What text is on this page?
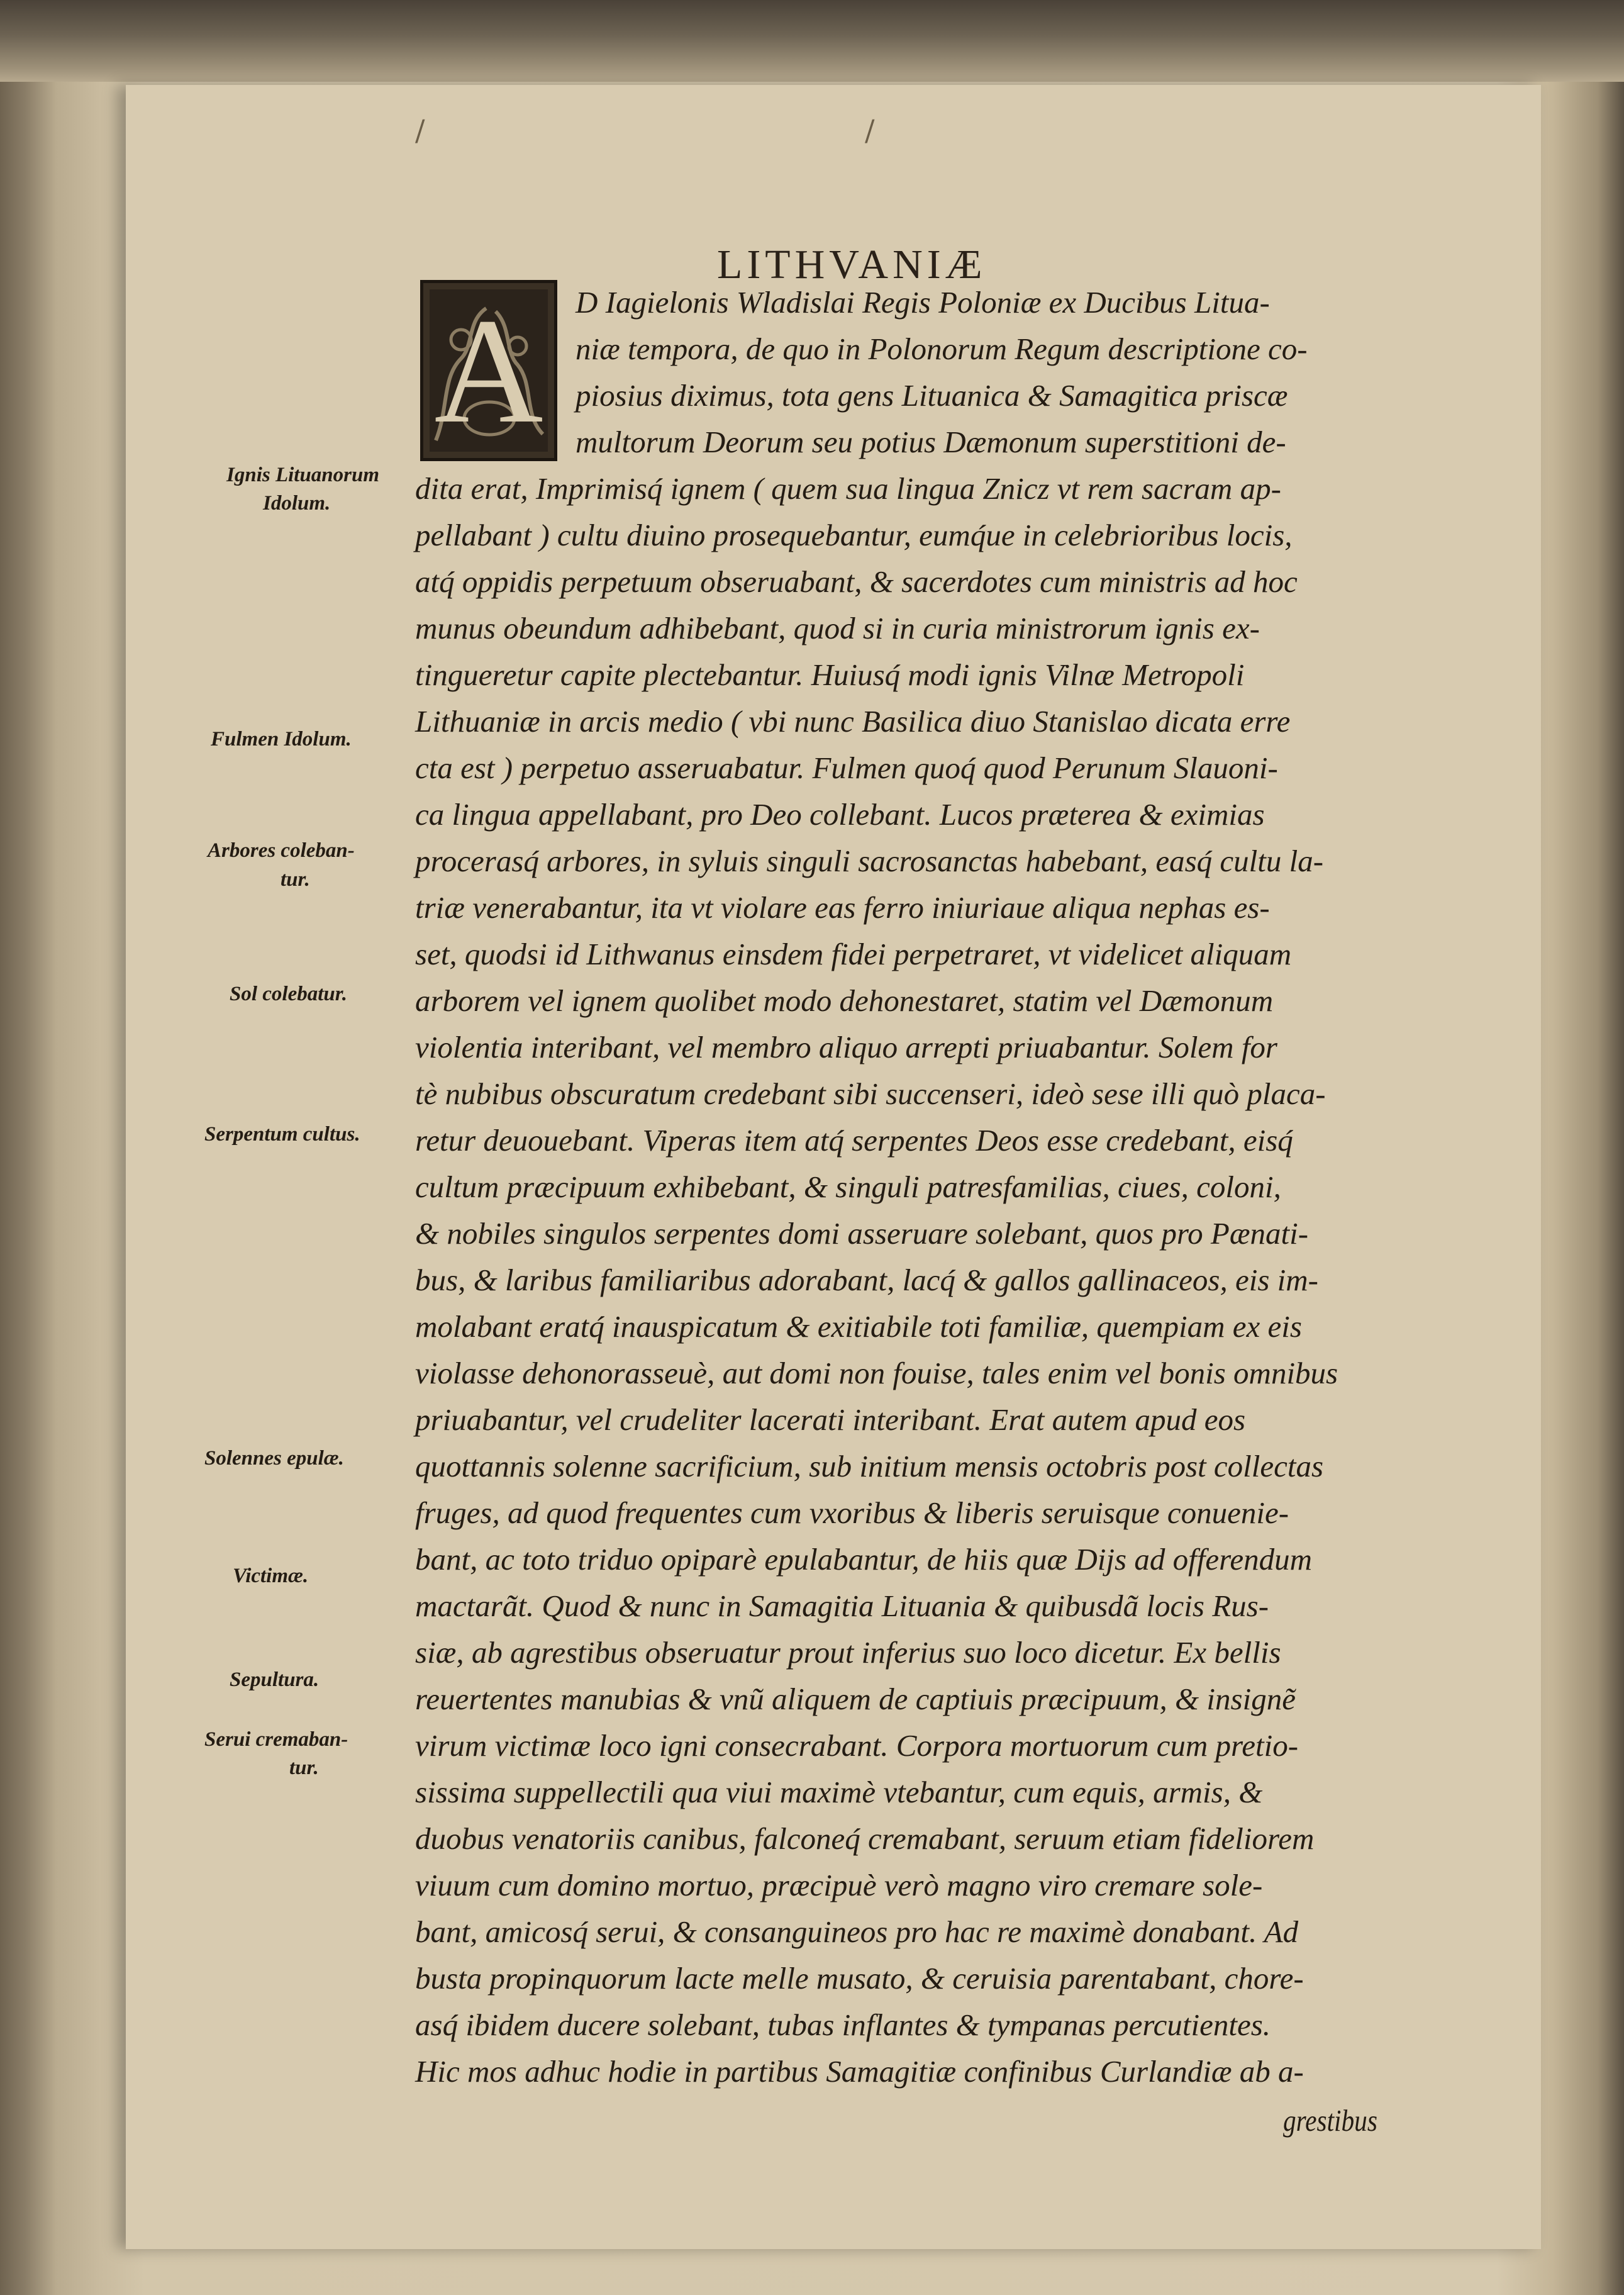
/	/
LITHVANIÆ
A D Iagielonis Wladislai Regis Poloniæ ex Ducibus Litua-
niæ tempora, de quo in Polonorum Regum descriptione co-
piosius diximus, tota gens Lituanica & Samagitica priscæ
multorum Deorum seu potius Dæmonum superstitioni de-
dita erat, Imprimisq́ ignem ( quem sua lingua Znicz vt rem sacram ap-
pellabant ) cultu diuino prosequebantur, eumq́ue in celebrioribus locis,
atq́ oppidis perpetuum obseruabant, & sacerdotes cum ministris ad hoc
munus obeundum adhibebant, quod si in curia ministrorum ignis ex-
tingueretur capite plectebantur. Huiusq́ modi ignis Vilnæ Metropoli
Lithuaniæ in arcis medio ( vbi nunc Basilica diuo Stanislao dicata erre
cta est ) perpetuo asseruabatur. Fulmen quoq́ quod Perunum Slauoni-
ca lingua appellabant, pro Deo collebant. Lucos præterea & eximias
procerasq́ arbores, in syluis singuli sacrosanctas habebant, easq́ cultu la-
triæ venerabantur, ita vt violare eas ferro iniuriaue aliqua nephas es-
set, quodsi id Lithwanus einsdem fidei perpetraret, vt videlicet aliquam
arborem vel ignem quolibet modo dehonestaret, statim vel Dæmonum
violentia interibant, vel membro aliquo arrepti priuabantur. Solem for
tè nubibus obscuratum credebant sibi succenseri, ideò sese illi quò placa-
retur deuouebant. Viperas item atq́ serpentes Deos esse credebant, eisq́
cultum præcipuum exhibebant, & singuli patresfamilias, ciues, coloni,
& nobiles singulos serpentes domi asseruare solebant, quos pro Pænati-
bus, & laribus familiaribus adorabant, lacq́ & gallos gallinaceos, eis im-
molabant eratq́ inauspicatum & exitiabile toti familiæ, quempiam ex eis
violasse dehonorasseuè, aut domi non fouise, tales enim vel bonis omnibus
priuabantur, vel crudeliter lacerati interibant. Erat autem apud eos
quottannis solenne sacrificium, sub initium mensis octobris post collectas
fruges, ad quod frequentes cum vxoribus & liberis seruisque conuenie-
bant, ac toto triduo opiparè epulabantur, de hiis quæ Dijs ad offerendum
mactarãt. Quod & nunc in Samagitia Lituania & quibusdã locis Rus-
siæ, ab agrestibus obseruatur prout inferius suo loco dicetur. Ex bellis
reuertentes manubias & vnũ aliquem de captiuis præcipuum, & insignẽ
virum victimæ loco igni consecrabant. Corpora mortuorum cum pretio-
sissima suppellectili qua viui maximè vtebantur, cum equis, armis, &
duobus venatoriis canibus, falconeq́ cremabant, seruum etiam fideliorem
viuum cum domino mortuo, præcipuè verò magno viro cremare sole-
bant, amicosq́ serui, & consanguineos pro hac re maximè donabant. Ad
busta propinquorum lacte melle musato, & ceruisia parentabant, chore-
asq́ ibidem ducere solebant, tubas inflantes & tympanas percutientes.
Hic mos adhuc hodie in partibus Samagitiæ confinibus Curlandiæ ab a-
grestibus
Ignis Lituanorum
Idolum.
Fulmen Idolum.
Arbores coleban-
tur.
Sol colebatur.
Serpentum cultus.
Solennes epulæ.
Victimæ.
Sepultura.
Serui cremaban-
tur.
